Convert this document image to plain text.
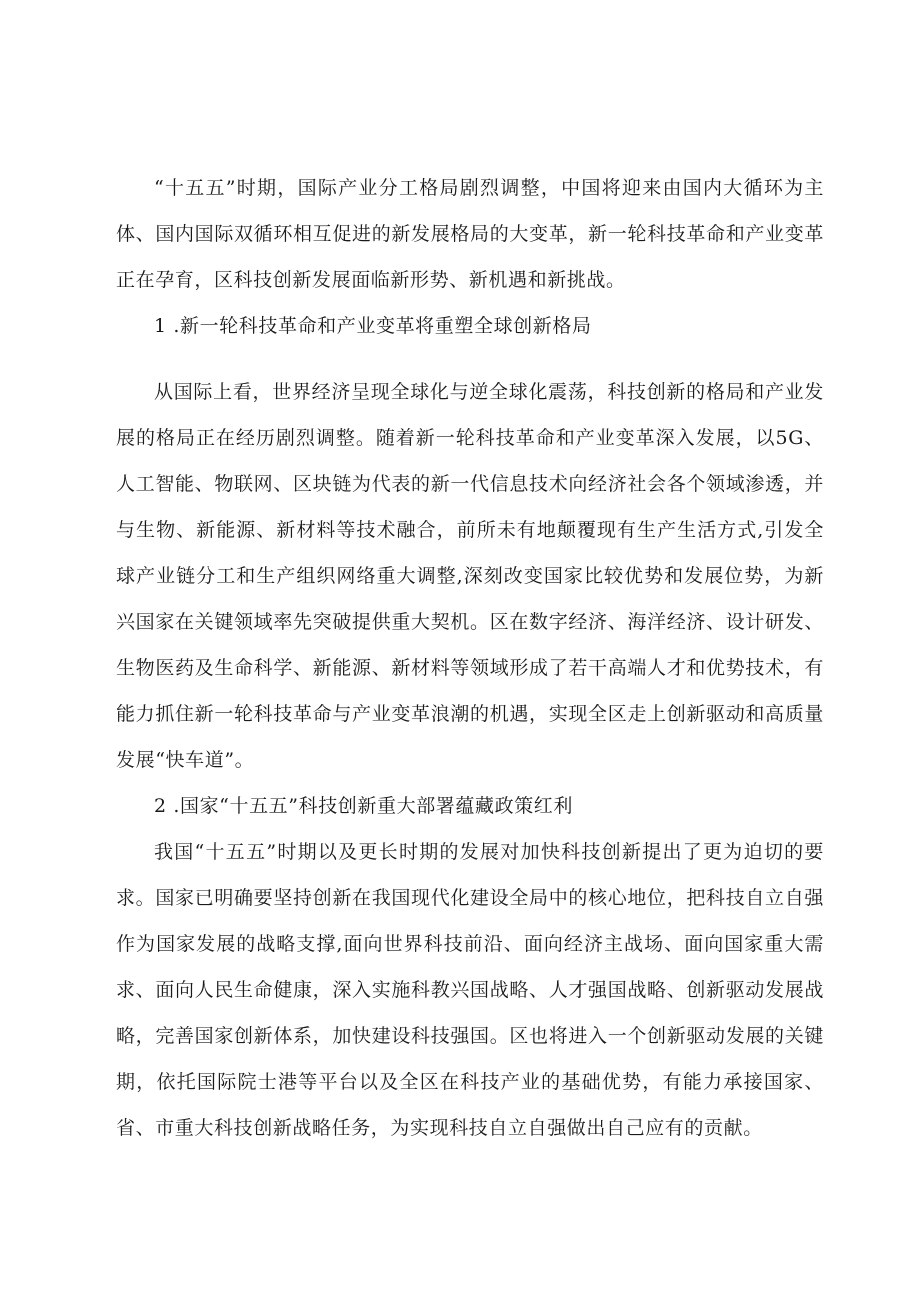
“十五五”时期，国际产业分工格局剧烈调整，中国将迎来由国内大循环为主体、国内国际双循环相互促进的新发展格局的大变革，新一轮科技革命和产业变革正在孕育，区科技创新发展面临新形势、新机遇和新挑战。

1 .新一轮科技革命和产业变革将重塑全球创新格局

从国际上看，世界经济呈现全球化与逆全球化震荡，科技创新的格局和产业发展的格局正在经历剧烈调整。随着新一轮科技革命和产业变革深入发展，以5G、人工智能、物联网、区块链为代表的新一代信息技术向经济社会各个领域渗透，并与生物、新能源、新材料等技术融合，前所未有地颠覆现有生产生活方式,引发全球产业链分工和生产组织网络重大调整,深刻改变国家比较优势和发展位势，为新兴国家在关键领域率先突破提供重大契机。区在数字经济、海洋经济、设计研发、生物医药及生命科学、新能源、新材料等领域形成了若干高端人才和优势技术，有能力抓住新一轮科技革命与产业变革浪潮的机遇，实现全区走上创新驱动和高质量发展“快车道”。

2 .国家“十五五”科技创新重大部署蕴藏政策红利

我国“十五五”时期以及更长时期的发展对加快科技创新提出了更为迫切的要求。国家已明确要坚持创新在我国现代化建设全局中的核心地位，把科技自立自强作为国家发展的战略支撑,面向世界科技前沿、面向经济主战场、面向国家重大需求、面向人民生命健康，深入实施科教兴国战略、人才强国战略、创新驱动发展战略，完善国家创新体系，加快建设科技强国。区也将进入一个创新驱动发展的关键期，依托国际院士港等平台以及全区在科技产业的基础优势，有能力承接国家、省、市重大科技创新战略任务，为实现科技自立自强做出自己应有的贡献。
